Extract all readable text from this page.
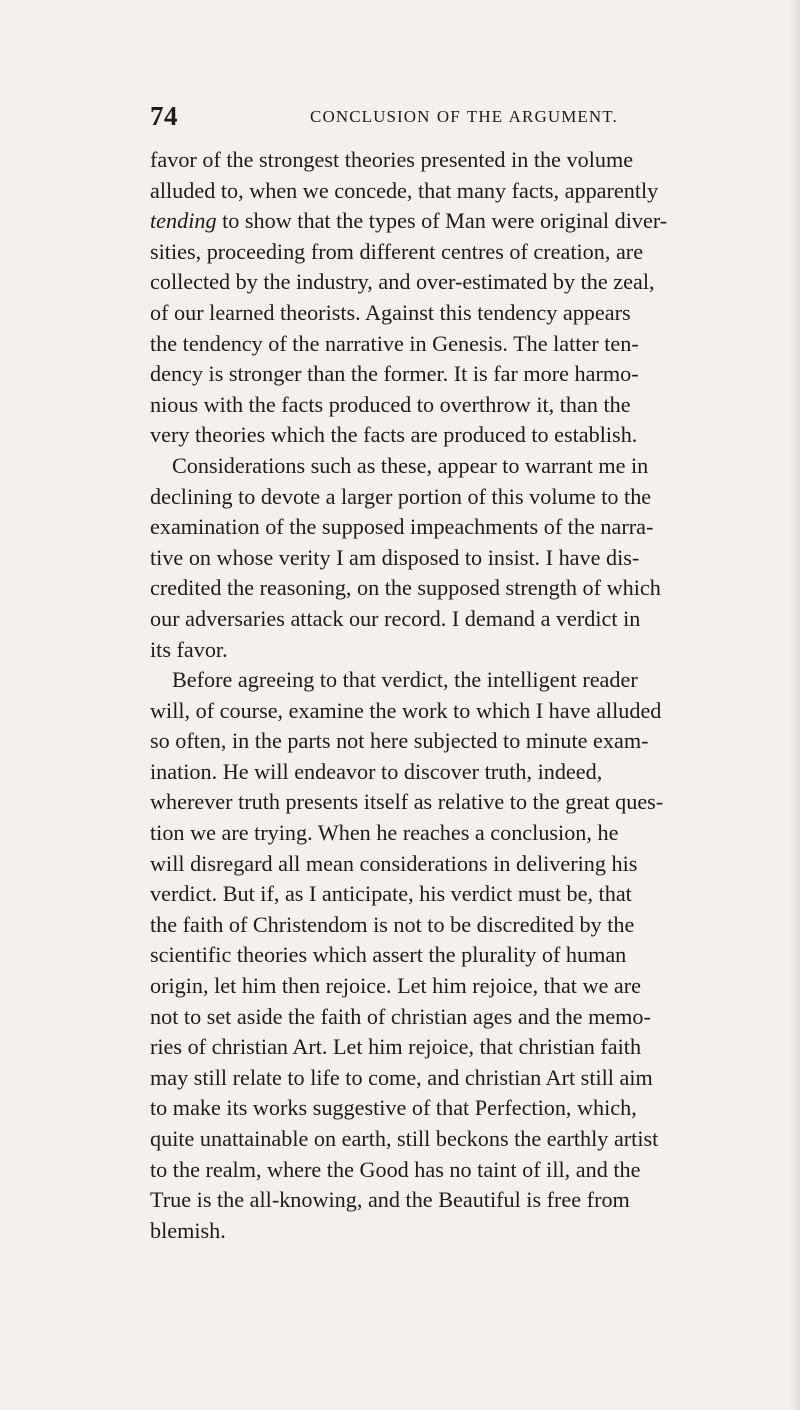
74	CONCLUSION OF THE ARGUMENT.
favor of the strongest theories presented in the volume
alluded to, when we concede, that many facts, apparently
tending to show that the types of Man were original diver-
sities, proceeding from different centres of creation, are
collected by the industry, and over-estimated by the zeal,
of our learned theorists. Against this tendency appears
the tendency of the narrative in Genesis. The latter ten-
dency is stronger than the former. It is far more harmo-
nious with the facts produced to overthrow it, than the
very theories which the facts are produced to establish.
Considerations such as these, appear to warrant me in
declining to devote a larger portion of this volume to the
examination of the supposed impeachments of the narra-
tive on whose verity I am disposed to insist. I have dis-
credited the reasoning, on the supposed strength of which
our adversaries attack our record. I demand a verdict in
its favor.
Before agreeing to that verdict, the intelligent reader
will, of course, examine the work to which I have alluded
so often, in the parts not here subjected to minute exam-
ination. He will endeavor to discover truth, indeed,
wherever truth presents itself as relative to the great ques-
tion we are trying. When he reaches a conclusion, he
will disregard all mean considerations in delivering his
verdict. But if, as I anticipate, his verdict must be, that
the faith of Christendom is not to be discredited by the
scientific theories which assert the plurality of human
origin, let him then rejoice. Let him rejoice, that we are
not to set aside the faith of christian ages and the memo-
ries of christian Art. Let him rejoice, that christian faith
may still relate to life to come, and christian Art still aim
to make its works suggestive of that Perfection, which,
quite unattainable on earth, still beckons the earthly artist
to the realm, where the Good has no taint of ill, and the
True is the all-knowing, and the Beautiful is free from
blemish.
